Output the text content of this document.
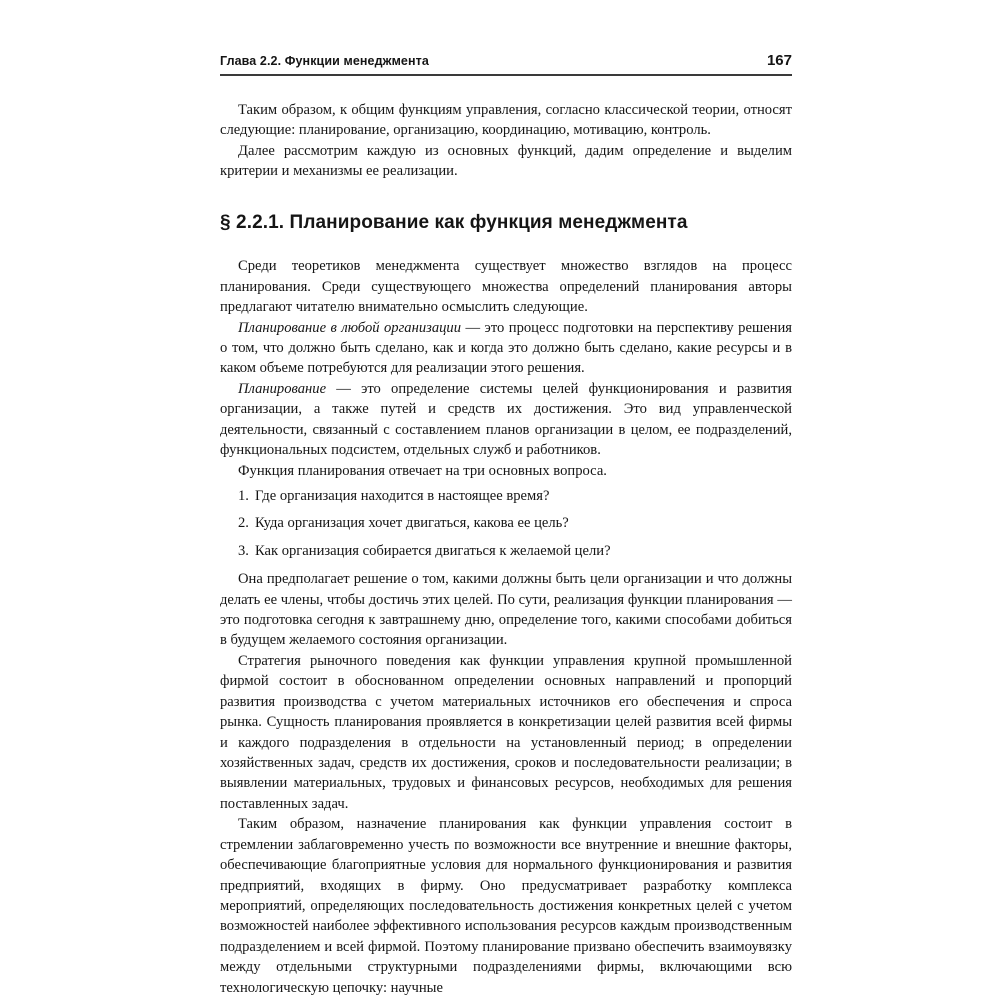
Глава 2.2. Функции менеджмента	167

Таким образом, к общим функциям управления, согласно классической теории, относят следующие: планирование, организацию, координацию, мотивацию, контроль.

Далее рассмотрим каждую из основных функций, дадим определение и выделим критерии и механизмы ее реализации.

§ 2.2.1. Планирование как функция менеджмента

Среди теоретиков менеджмента существует множество взглядов на процесс планирования. Среди существующего множества определений планирования авторы предлагают читателю внимательно осмыслить следующие.

Планирование в любой организации — это процесс подготовки на перспективу решения о том, что должно быть сделано, как и когда это должно быть сделано, какие ресурсы и в каком объеме потребуются для реализации этого решения.

Планирование — это определение системы целей функционирования и развития организации, а также путей и средств их достижения. Это вид управленческой деятельности, связанный с составлением планов организации в целом, ее подразделений, функциональных подсистем, отдельных служб и работников.

Функция планирования отвечает на три основных вопроса.

1. Где организация находится в настоящее время?
2. Куда организация хочет двигаться, какова ее цель?
3. Как организация собирается двигаться к желаемой цели?

Она предполагает решение о том, какими должны быть цели организации и что должны делать ее члены, чтобы достичь этих целей. По сути, реализация функции планирования — это подготовка сегодня к завтрашнему дню, определение того, какими способами добиться в будущем желаемого состояния организации.

Стратегия рыночного поведения как функции управления крупной промышленной фирмой состоит в обоснованном определении основных направлений и пропорций развития производства с учетом материальных источников его обеспечения и спроса рынка. Сущность планирования проявляется в конкретизации целей развития всей фирмы и каждого подразделения в отдельности на установленный период; в определении хозяйственных задач, средств их достижения, сроков и последовательности реализации; в выявлении материальных, трудовых и финансовых ресурсов, необходимых для решения поставленных задач.

Таким образом, назначение планирования как функции управления состоит в стремлении заблаговременно учесть по возможности все внутренние и внешние факторы, обеспечивающие благоприятные условия для нормального функционирования и развития предприятий, входящих в фирму. Оно предусматривает разработку комплекса мероприятий, определяющих последовательность достижения конкретных целей с учетом возможностей наиболее эффективного использования ресурсов каждым производственным подразделением и всей фирмой. Поэтому планирование призвано обеспечить взаимоувязку между отдельными структурными подразделениями фирмы, включающими всю технологическую цепочку: научные
